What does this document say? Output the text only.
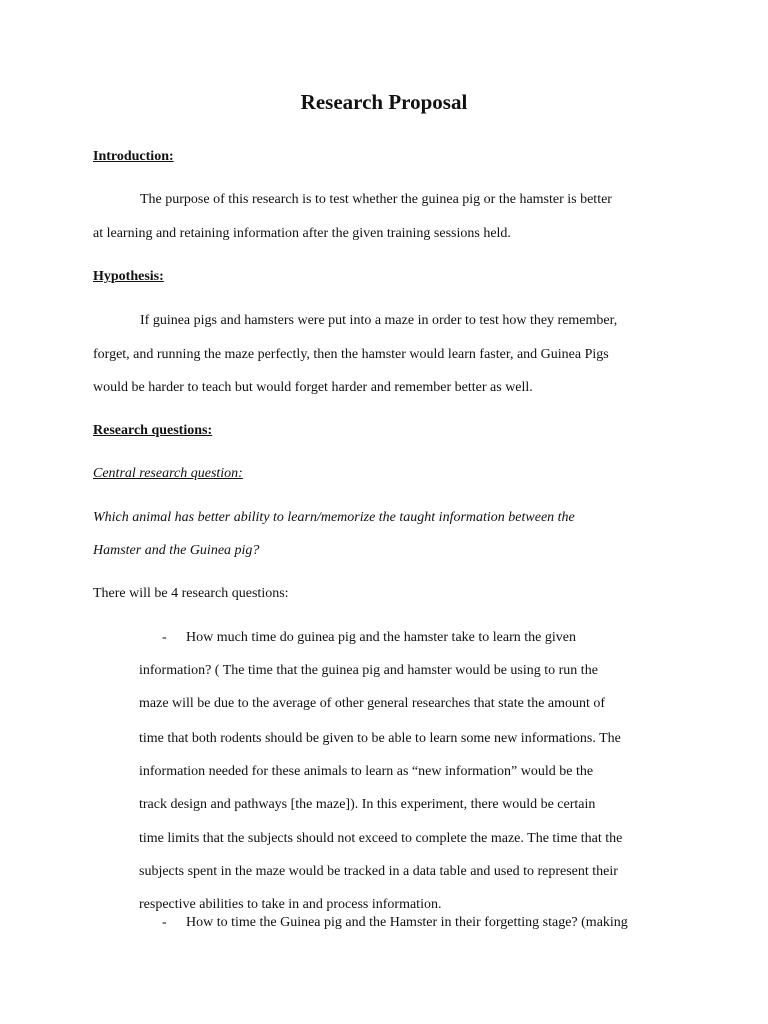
Research Proposal

Introduction:

The purpose of this research is to test whether the guinea pig or the hamster is better

at learning and retaining information after the given training sessions held.

Hypothesis:

If guinea pigs and hamsters were put into a maze in order to test how they remember,

forget, and running the maze perfectly, then the hamster would learn faster, and Guinea Pigs

would be harder to teach but would forget harder and remember better as well.

Research questions:

Central research question:

Which animal has better ability to learn/memorize the taught information between the

Hamster and the Guinea pig?

There will be 4 research questions:

- How much time do guinea pig and the hamster take to learn the given

information? ( The time that the guinea pig and hamster would be using to run the

maze will be due to the average of other general researches that state the amount of

time that both rodents should be given to be able to learn some new informations. The

information needed for these animals to learn as “new information” would be the

track design and pathways [the maze]). In this experiment, there would be certain

time limits that the subjects should not exceed to complete the maze. The time that the

subjects spent in the maze would be tracked in a data table and used to represent their

respective abilities to take in and process information.

- How to time the Guinea pig and the Hamster in their forgetting stage? (making
